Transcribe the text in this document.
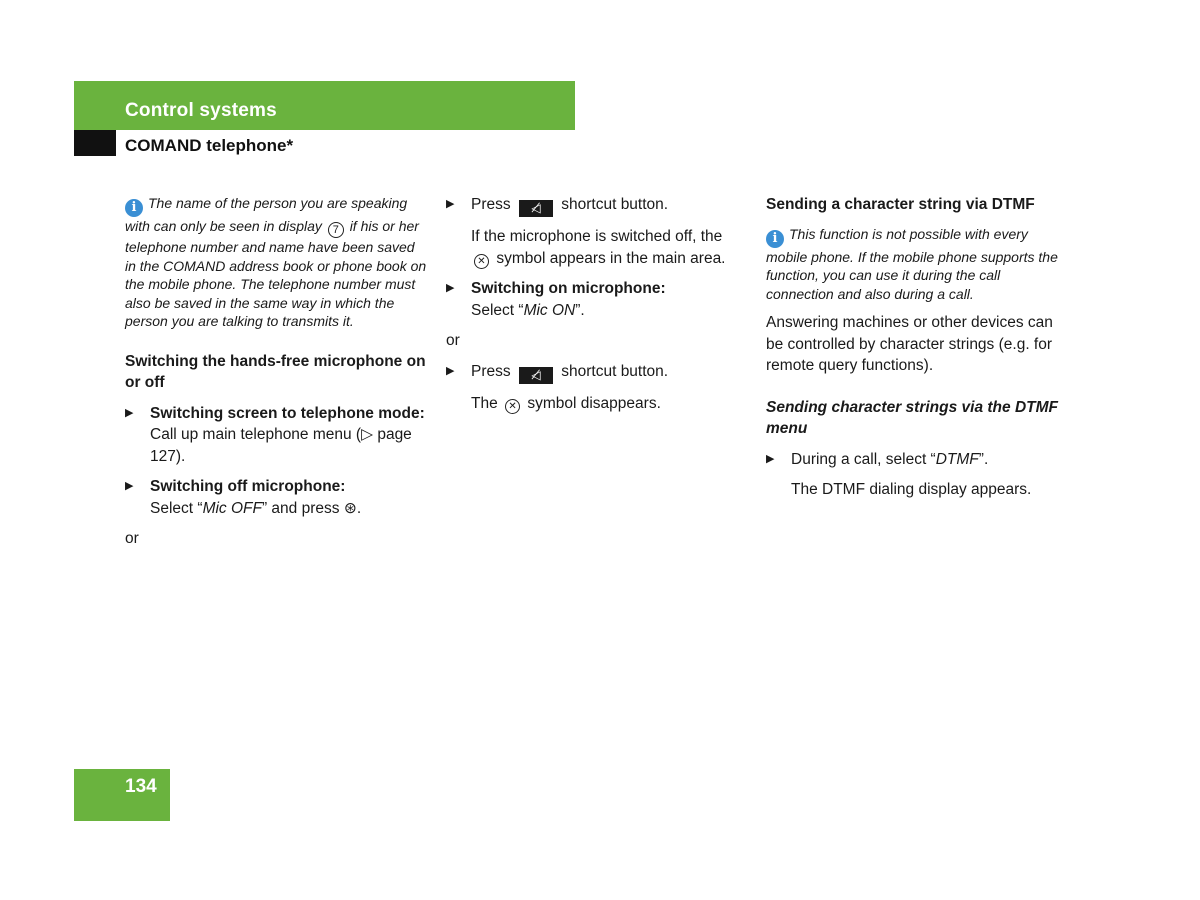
Control systems
COMAND telephone*

i The name of the person you are speaking with can only be seen in display 7 if his or her telephone number and name have been saved in the COMAND address book or phone book on the mobile phone. The telephone number must also be saved in the same way in which the person you are talking to transmits it.

Switching the hands-free microphone on or off

▶ Switching screen to telephone mode: Call up main telephone menu (▷ page 127).

▶ Switching off microphone:
Select “Mic OFF” and press ⊛.

or

▶ Press ◁̸ shortcut button.

If the microphone is switched off, the ✕ symbol appears in the main area.

▶ Switching on microphone:
Select “Mic ON”.

or

▶ Press ◁̸ shortcut button.

The ✕ symbol disappears.

Sending a character string via DTMF

i This function is not possible with every mobile phone. If the mobile phone supports the function, you can use it during the call connection and also during a call.

Answering machines or other devices can be controlled by character strings (e.g. for remote query functions).

Sending character strings via the DTMF menu

▶ During a call, select “DTMF”.

The DTMF dialing display appears.

134
